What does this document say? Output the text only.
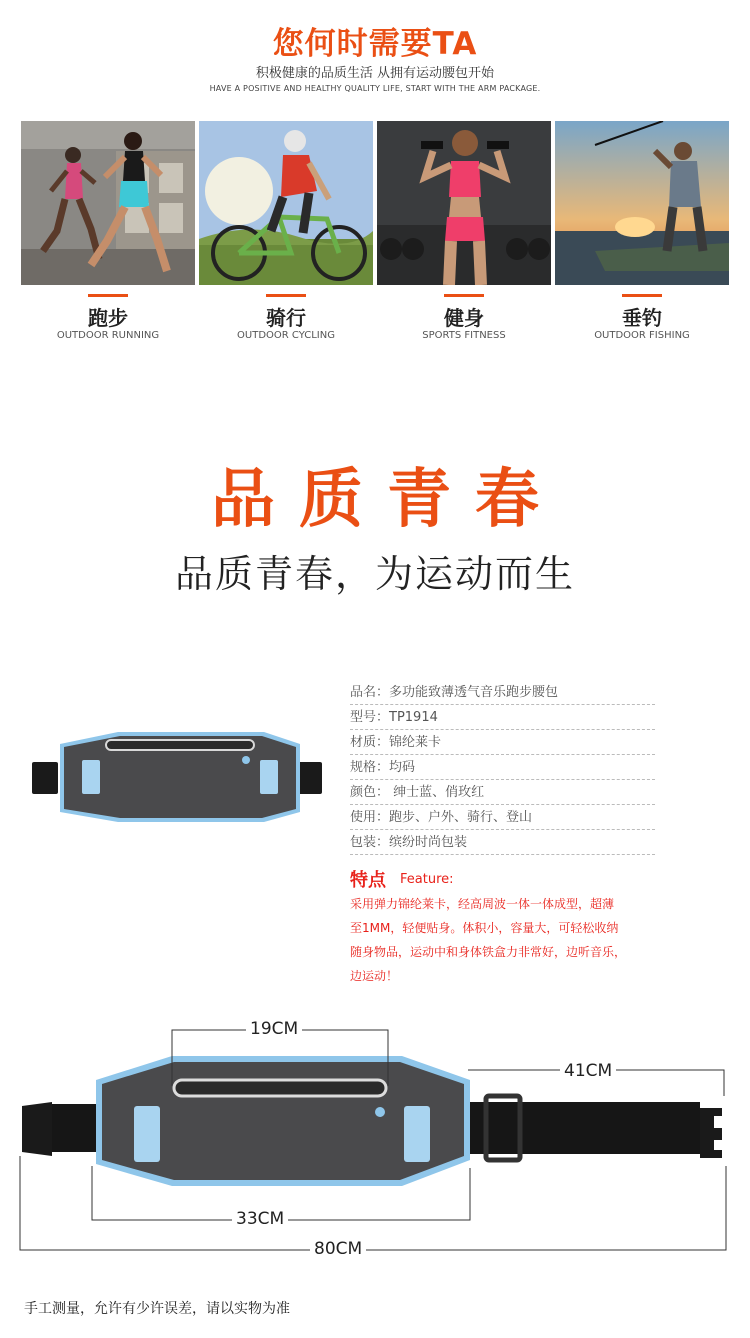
您何时需要TA
积极健康的品质生活 从拥有运动腰包开始
HAVE A POSITIVE AND HEALTHY QUALITY LIFE, START WITH THE ARM PACKAGE.
跑步
OUTDOOR RUNNING
骑行
OUTDOOR CYCLING
健身
SPORTS FITNESS
垂钓
OUTDOOR FISHING
品质青春
品质青春，为运动而生
品名：多功能致薄透气音乐跑步腰包
型号：TP1914
材质：锦纶莱卡
规格：均码
颜色： 绅士蓝、俏玫红
使用：跑步、户外、骑行、登山
包装：缤纷时尚包装
特点 Feature:
采用弹力锦纶莱卡，经高周波一体一体成型，超薄
至1MM，轻便贴身。体积小，容量大，可轻松收纳
随身物品，运动中和身体铁盒力非常好，边听音乐，
边运动！
19CM
41CM
33CM
80CM
手工测量，允许有少许误差，请以实物为准
